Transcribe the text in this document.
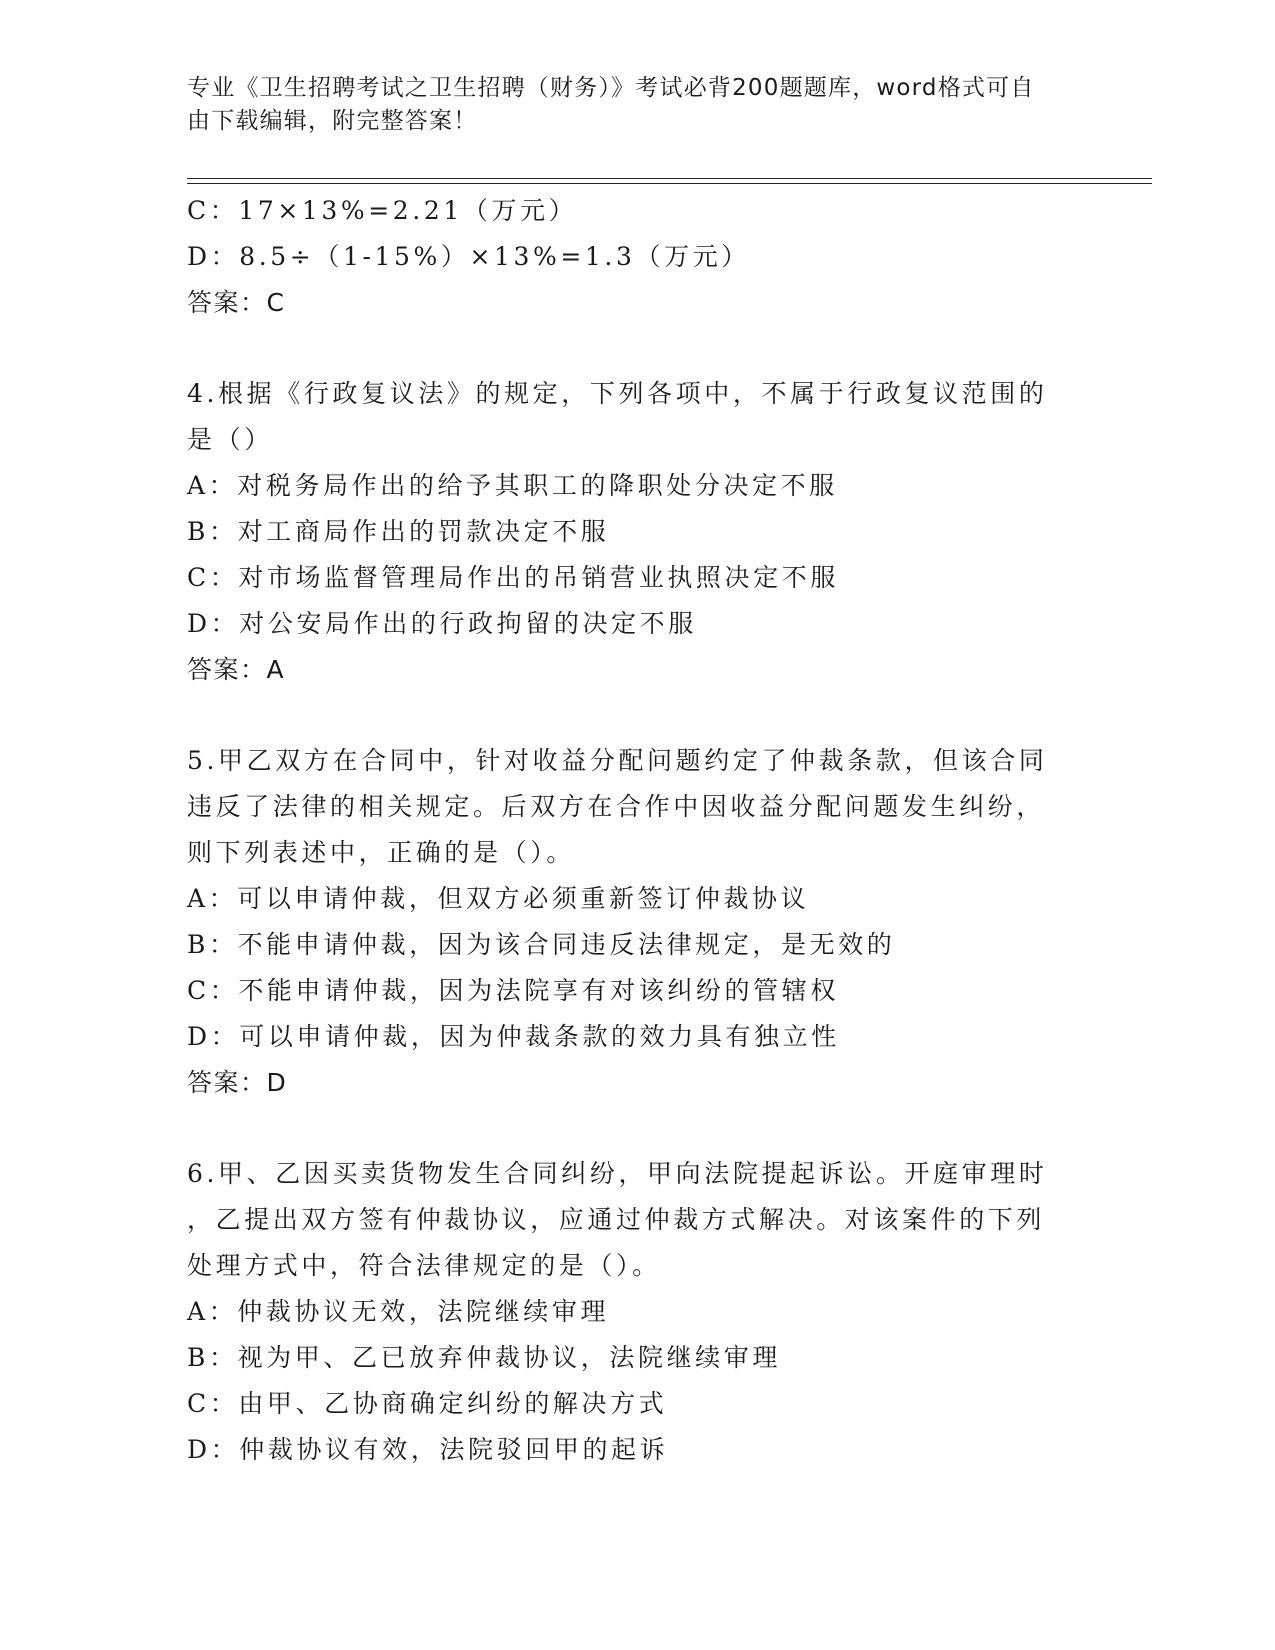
专业《卫生招聘考试之卫生招聘（财务）》考试必背200题题库，word格式可自
由下载编辑，附完整答案！
C：17×13%=2.21（万元）
D：8.5÷（1-15%）×13%=1.3（万元）
答案：C
4.根据《行政复议法》的规定，下列各项中，不属于行政复议范围的
是（）
A：对税务局作出的给予其职工的降职处分决定不服
B：对工商局作出的罚款决定不服
C：对市场监督管理局作出的吊销营业执照决定不服
D：对公安局作出的行政拘留的决定不服
答案：A
5.甲乙双方在合同中，针对收益分配问题约定了仲裁条款，但该合同
违反了法律的相关规定。后双方在合作中因收益分配问题发生纠纷，
则下列表述中，正确的是（）。
A：可以申请仲裁，但双方必须重新签订仲裁协议
B：不能申请仲裁，因为该合同违反法律规定，是无效的
C：不能申请仲裁，因为法院享有对该纠纷的管辖权
D：可以申请仲裁，因为仲裁条款的效力具有独立性
答案：D
6.甲、乙因买卖货物发生合同纠纷，甲向法院提起诉讼。开庭审理时
，乙提出双方签有仲裁协议，应通过仲裁方式解决。对该案件的下列
处理方式中，符合法律规定的是（）。
A：仲裁协议无效，法院继续审理
B：视为甲、乙已放弃仲裁协议，法院继续审理
C：由甲、乙协商确定纠纷的解决方式
D：仲裁协议有效，法院驳回甲的起诉
